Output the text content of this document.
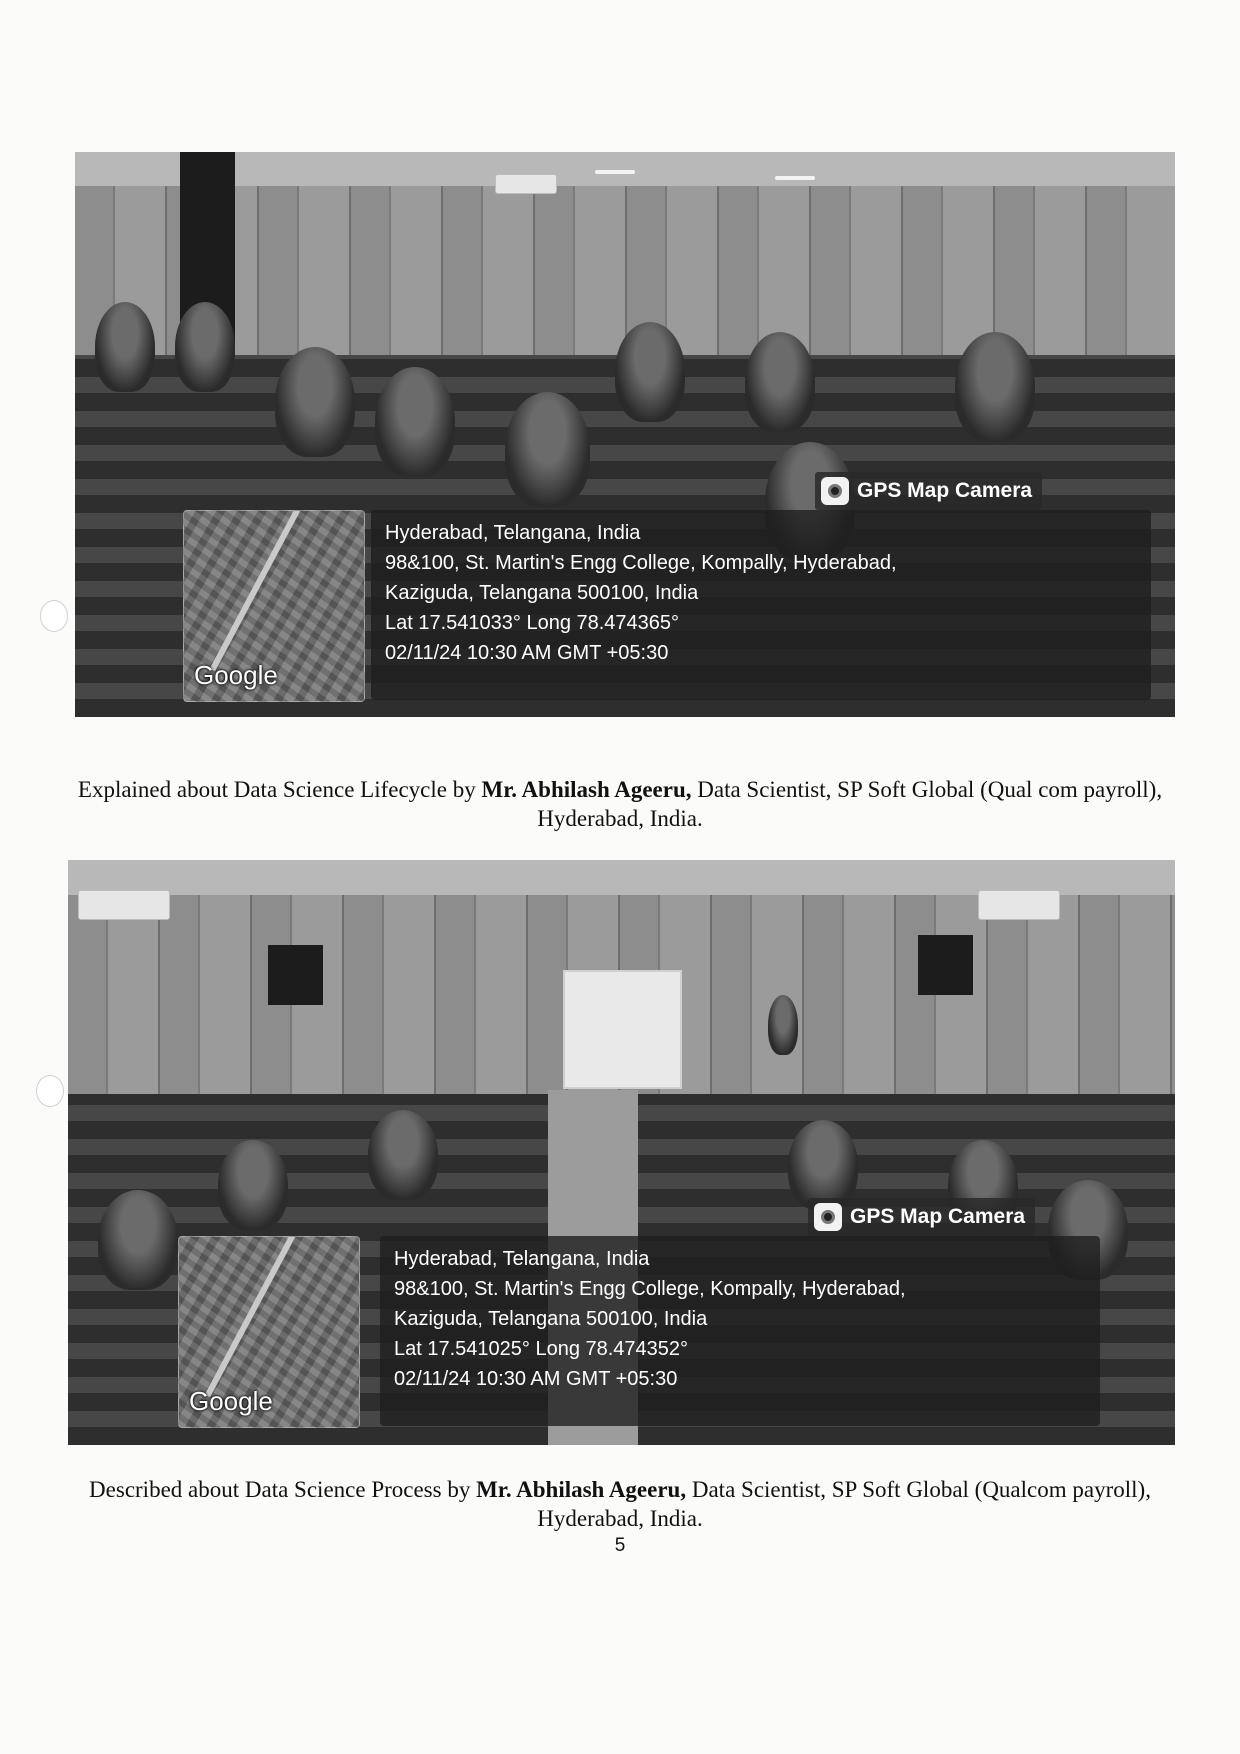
GPS Map Camera
Google
Hyderabad, Telangana, India
98&100, St. Martin's Engg College, Kompally, Hyderabad,
Kaziguda, Telangana 500100, India
Lat 17.541033° Long 78.474365°
02/11/24 10:30 AM GMT +05:30
Explained about Data Science Lifecycle by Mr. Abhilash Ageeru, Data Scientist, SP Soft Global (Qual com payroll), Hyderabad, India.
GPS Map Camera
Google
Hyderabad, Telangana, India
98&100, St. Martin's Engg College, Kompally, Hyderabad,
Kaziguda, Telangana 500100, India
Lat 17.541025° Long 78.474352°
02/11/24 10:30 AM GMT +05:30
Described about Data Science Process by Mr. Abhilash Ageeru, Data Scientist, SP Soft Global (Qualcom payroll), Hyderabad, India.
5
